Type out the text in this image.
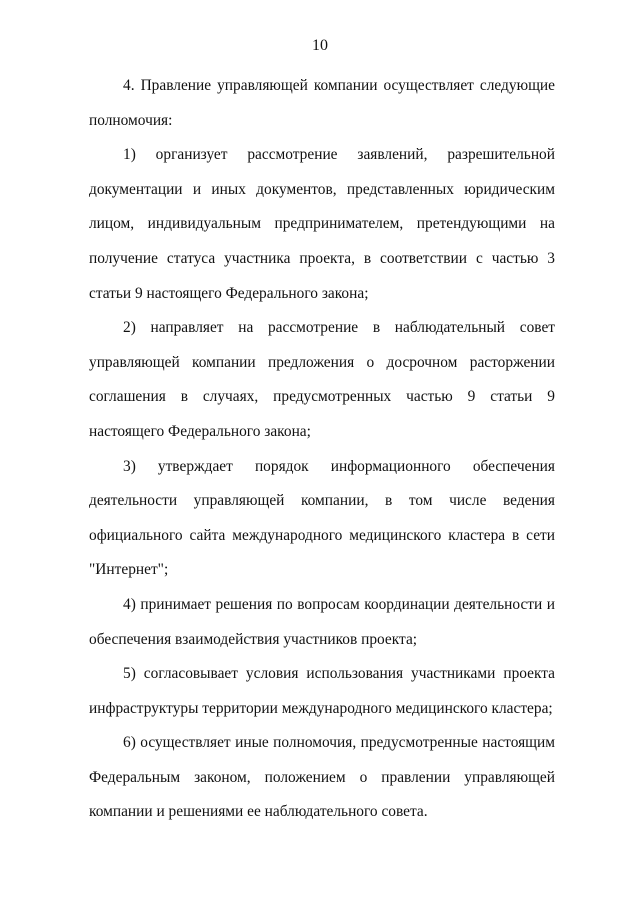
10

4. Правление управляющей компании осуществляет следующие полномочия:

1) организует рассмотрение заявлений, разрешительной документации и иных документов, представленных юридическим лицом, индивидуальным предпринимателем, претендующими на получение статуса участника проекта, в соответствии с частью 3 статьи 9 настоящего Федерального закона;

2) направляет на рассмотрение в наблюдательный совет управляющей компании предложения о досрочном расторжении соглашения в случаях, предусмотренных частью 9 статьи 9 настоящего Федерального закона;

3) утверждает порядок информационного обеспечения деятельности управляющей компании, в том числе ведения официального сайта международного медицинского кластера в сети "Интернет";

4) принимает решения по вопросам координации деятельности и обеспечения взаимодействия участников проекта;

5) согласовывает условия использования участниками проекта инфраструктуры территории международного медицинского кластера;

6) осуществляет иные полномочия, предусмотренные настоящим Федеральным законом, положением о правлении управляющей компании и решениями ее наблюдательного совета.
